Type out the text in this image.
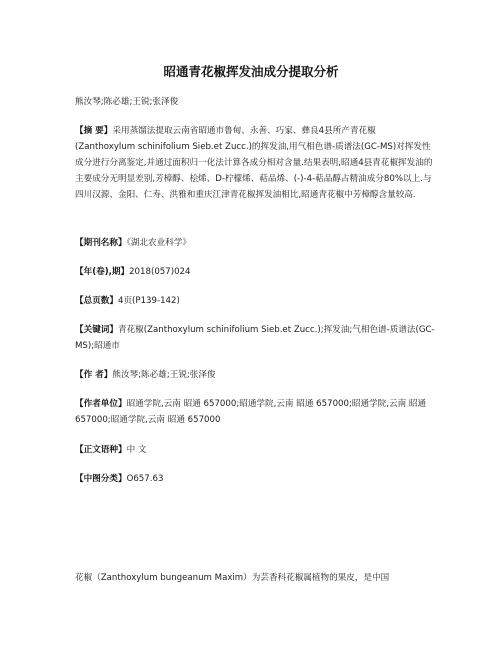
昭通青花椒挥发油成分提取分析
熊汝琴;陈必雄;王锐;张泽俊
【摘 要】采用蒸馏法提取云南省昭通市鲁甸、永善、巧家、彝良4县所产青花椒(Zanthoxylum schinifolium Sieb.et Zucc.)的挥发油,用气相色谱-质谱法(GC-MS)对挥发性成分进行分离鉴定,并通过面积归一化法计算各成分相对含量.结果表明,昭通4县青花椒挥发油的主要成分无明显差别,芳樟醇、桧烯、D-柠檬烯、萜品烯、(-)-4-萜品醇占精油成分80%以上.与四川汉源、金阳、仁寿、洪雅和重庆江津青花椒挥发油相比,昭通青花椒中芳樟醇含量较高.
【期刊名称】《湖北农业科学》
【年(卷),期】2018(057)024
【总页数】4页(P139-142)
【关键词】青花椒(Zanthoxylum schinifolium Sieb.et Zucc.);挥发油;气相色谱-质谱法(GC-MS);昭通市
【作 者】熊汝琴;陈必雄;王锐;张泽俊
【作者单位】昭通学院,云南 昭通 657000;昭通学院,云南 昭通 657000;昭通学院,云南 昭通 657000;昭通学院,云南 昭通 657000
【正文语种】中 文
【中图分类】O657.63
花椒（Zanthoxylum bungeanum Maxim）为芸香科花椒属植物的果皮，是中国
